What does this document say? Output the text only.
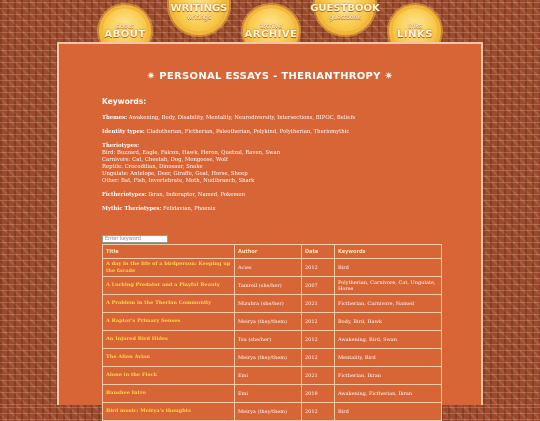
about
ABOUT
WRITINGS
writings
archive
ARCHIVE
GUESTBOOK
guestbook
links
LINKS
✷ PERSONAL ESSAYS - THERIANTHROPY ✷
Keywords:
Themes: Awakening, Body, Disability, Mentality, Neurodiversity, Intersections, BIPOC, Beliefs
Identity types: Cladotherian, Fictherian, Paleotherian, Polykind, Polytherian, Theriomythic
Theriotypes:
Bird: Buzzard, Eagle, Falcon, Hawk, Heron, Quetzal, Raven, Swan
Carnivore: Cat, Cheetah, Dog, Mongoose, Wolf
Reptile: Crocodilian, Dinosaur, Snake
Ungulate: Antelope, Deer, Giraffe, Goat, Horse, Sheep
Other: Bat, Fish, Invertebrate, Moth, Nudibranch, Shark
Fictheriotypes: Ikran, Indoraptor, Named, Pokemon
Mythic Theriotypes: Felidavian, Phoenix
Enter keyword
Title	Author	Date	Keywords
A day in the life of a birdperson: Keeping up the facade	Acies	2012	Bird
A Lurking Predator and a Playful Beauty	Tamreil (she/her)	2007	Polytherian, Carnivore, Cat, Ungulate, Horse
A Problem in the Therian Community	Mizuhra (she/her)	2021	Fictherian, Carnivore, Named
A Raptor's Primary Senses	Meirya (they/them)	2012	Body, Bird, Hawk
An Injured Bird Hides	Tsu (she/her)	2012	Awakening, Bird, Swan
The Alien Avian	Meirya (they/them)	2012	Mentality, Bird
Alone in the Flock	Emi	2021	Fictherian, Ikran
Banshee Intro	Emi	2019	Awakening, Fictherian, Ikran
Bird music: Meirya's thoughts	Meirya (they/them)	2012	Bird
